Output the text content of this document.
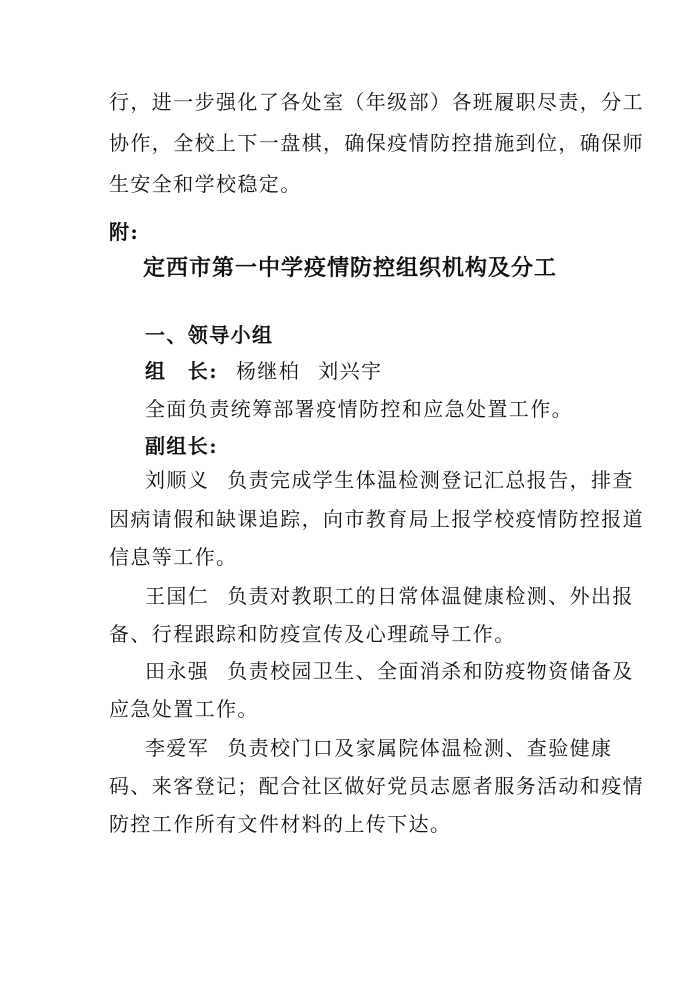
行，进一步强化了各处室（年级部）各班履职尽责，分工
协作，全校上下一盘棋，确保疫情防控措施到位，确保师
生安全和学校稳定。
附:
定西市第一中学疫情防控组织机构及分工
一、领导小组
组　长: 杨继柏 刘兴宇
全面负责统筹部署疫情防控和应急处置工作。
副组长:
刘顺义 负责完成学生体温检测登记汇总报告，排查
因病请假和缺课追踪，向市教育局上报学校疫情防控报道
信息等工作。
王国仁 负责对教职工的日常体温健康检测、外出报
备、行程跟踪和防疫宣传及心理疏导工作。
田永强 负责校园卫生、全面消杀和防疫物资储备及
应急处置工作。
李爱军 负责校门口及家属院体温检测、查验健康
码、来客登记；配合社区做好党员志愿者服务活动和疫情
防控工作所有文件材料的上传下达。
